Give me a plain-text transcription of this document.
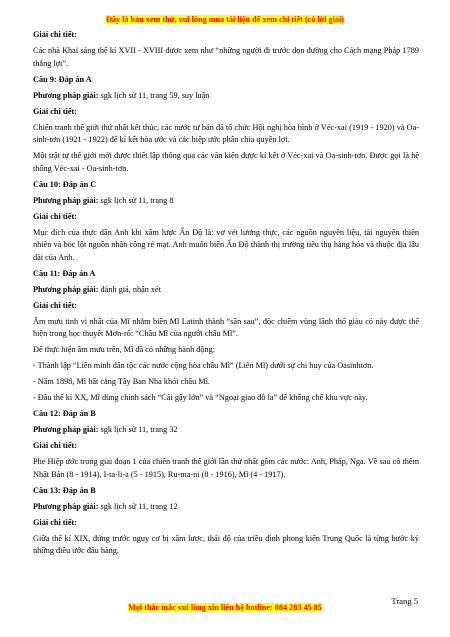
Đây là bản xem thử, vui lòng mua tài liệu để xem chi tiết (có lời giải)

Giải chi tiết:

Các nhà Khai sáng thế kỉ XVII - XVIII được xem như “những người đi trước dọn đường cho Cách mạng Pháp 1789 thắng lợi”.

Câu 9: Đáp án A

Phương pháp giải: sgk lịch sử 11, trang 59, suy luận

Giải chi tiết:

Chiến tranh thế giới thứ nhất kết thúc, các nước tư bản đã tổ chức Hội nghị hòa bình ở Véc-xai (1919 - 1920) và Oa-sinh-tơn (1921 - 1922) để kí kết hòa ước và các hiệp ước phân chia quyền lợi.

Một trật tự thế giới mới được thiết lập thông qua các văn kiện được kí kết ở Véc-xai và Oa-sinh-tơn. Được gọi là hệ thống Véc-xai - Oa-sinh-tơn.

Câu 10: Đáp án C

Phương pháp giải: sgk lịch sử 11, trang 8

Giải chi tiết:

Mục đích của thực dân Anh khi xâm lược Ấn Độ là: vơ vét lương thực, các nguồn nguyên liệu, tài nguyên thiên nhiên và bóc lột nguồn nhân công rẻ mạt. Anh muốn biến Ấn Độ thành thị trường tiêu thụ hàng hóa và thuộc địa lâu dài của Anh.

Câu 11: Đáp án A

Phương pháp giải: đánh giá, nhận xét

Giải chi tiết:

Âm mưu tinh vi nhất của Mĩ nhằm biến Mĩ Latinh thành “sân sau”, độc chiếm vùng lãnh thổ giàu có này được thể hiện trong học thuyết Mơn-rô: “Châu Mĩ của người châu Mĩ”.

Để thực hiện âm mưu trên, Mĩ đã có những hành động:

- Thành lập “Liên minh dân tộc các nước cộng hòa châu Mĩ” (Liên Mĩ) dưới sự chi huy của Oasinhtơn.

- Năm 1898, Mĩ hất cẳng Tây Ban Nha khỏi châu Mĩ.

- Đầu thế kỉ XX, Mĩ dùng chính sách “Cái gậy lớn” và “Ngoại giao đô la” để khống chế khu vực này.

Câu 12: Đáp án B

Phương pháp giải: sgk lịch sử 11, trang 32

Giải chi tiết:

Phe Hiệp ước trong giai đoạn 1 của chiến tranh thế giới lần thứ nhất gồm các nước: Anh, Pháp, Nga. Về sau có thêm Nhật Bản (8 - 1914), I-ta-li-a (5 - 1915), Ru-ma-ni (8 - 1916), Mĩ (4 - 1917).

Câu 13: Đáp án B

Phương pháp giải: sgk lịch sử 11, trang 12

Giải chi tiết:

Giữa thế kỉ XIX, đứng trước nguy cơ bị xâm lược, thái độ của triều đình phong kiến Trung Quốc là từng bước ký những điều ước đầu hàng.

Trang 5
Mọi thắc mắc vui lòng xin liên hệ hotline: 084 283 45 85
